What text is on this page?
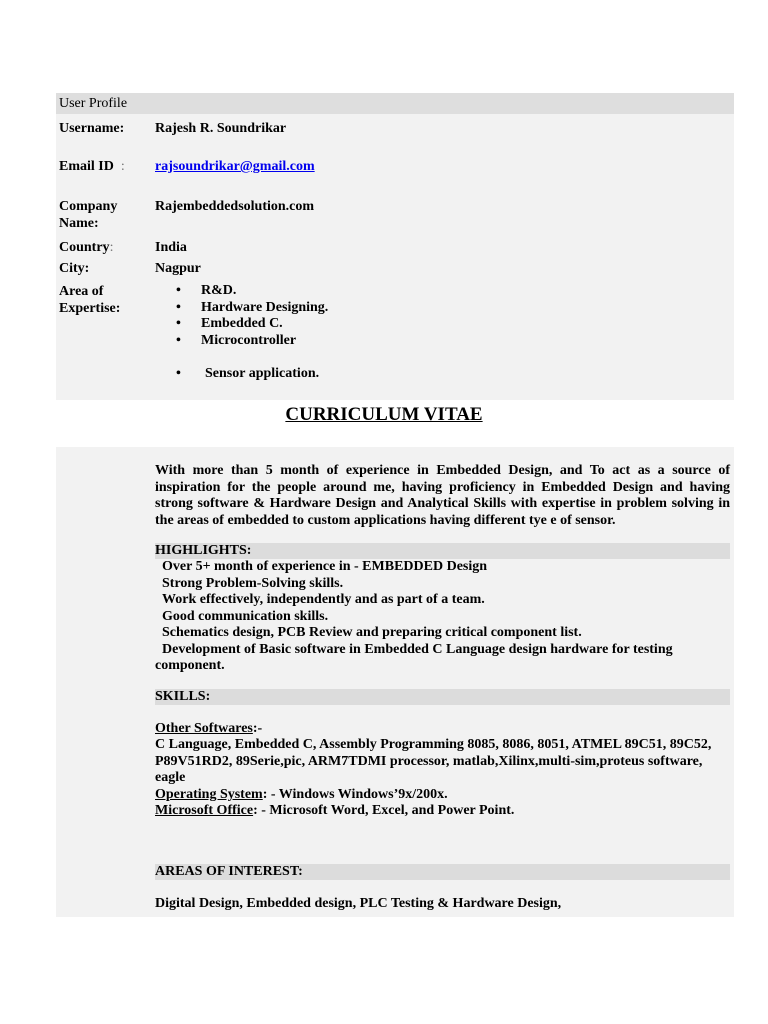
User Profile
Username: Rajesh R. Soundrikar
Email ID : rajsoundrikar@gmail.com
Company
Name:
Rajembeddedsolution.com
Country:	India
City:	Nagpur
Area of
Expertise:
• R&D.
• Hardware Designing.
• Embedded C.
• Microcontroller
• Sensor application.
CURRICULUM VITAE

With more than 5 month of experience in Embedded Design, and To act as a source of inspiration for the people around me, having proficiency in Embedded Design and having strong software & Hardware Design and Analytical Skills with expertise in problem solving in the areas of embedded to custom applications having different tye e of sensor.

HIGHLIGHTS:
Over 5+ month of experience in - EMBEDDED Design
Strong Problem-Solving skills.
Work effectively, independently and as part of a team.
Good communication skills.
Schematics design, PCB Review and preparing critical component list.
Development of Basic software in Embedded C Language design hardware for testing component.
SKILLS:
Other Softwares:-
C Language, Embedded C, Assembly Programming 8085, 8086, 8051, ATMEL 89C51, 89C52, P89V51RD2, 89Serie,pic, ARM7TDMI processor, matlab,Xilinx,multi-sim,proteus software, eagle
Operating System: - Windows Windows’9x/200x.
Microsoft Office: - Microsoft Word, Excel, and Power Point.
AREAS OF INTEREST:
Digital Design, Embedded design, PLC Testing & Hardware Design,
